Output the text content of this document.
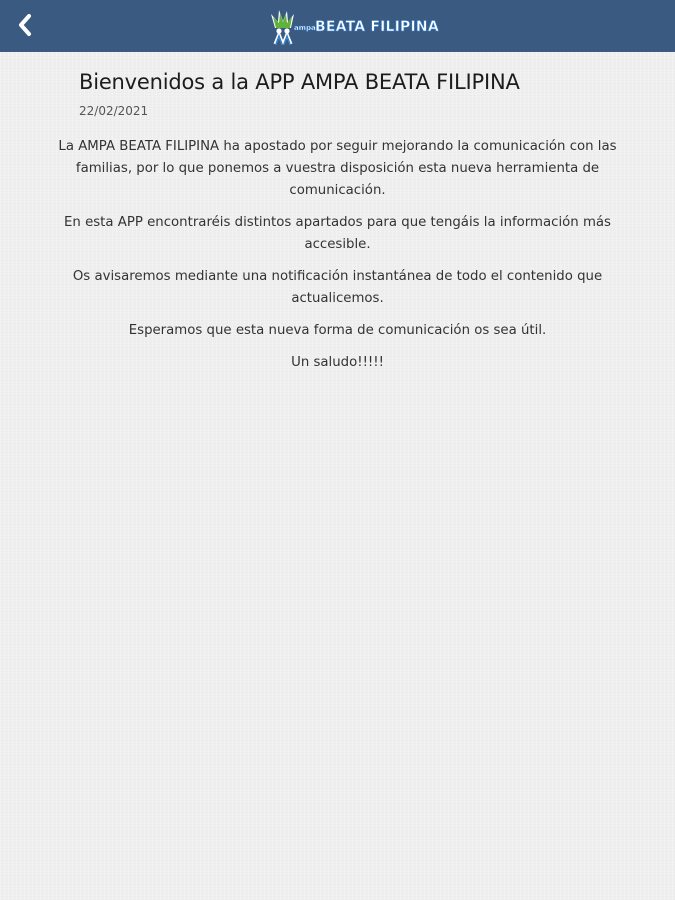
ampa BEATA FILIPINA
Bienvenidos a la APP AMPA BEATA FILIPINA
22/02/2021

La AMPA BEATA FILIPINA ha apostado por seguir mejorando la comunicación con las familias, por lo que ponemos a vuestra disposición esta nueva herramienta de comunicación.

En esta APP encontraréis distintos apartados para que tengáis la información más accesible.

Os avisaremos mediante una notificación instantánea de todo el contenido que actualicemos.

Esperamos que esta nueva forma de comunicación os sea útil.

Un saludo!!!!!
